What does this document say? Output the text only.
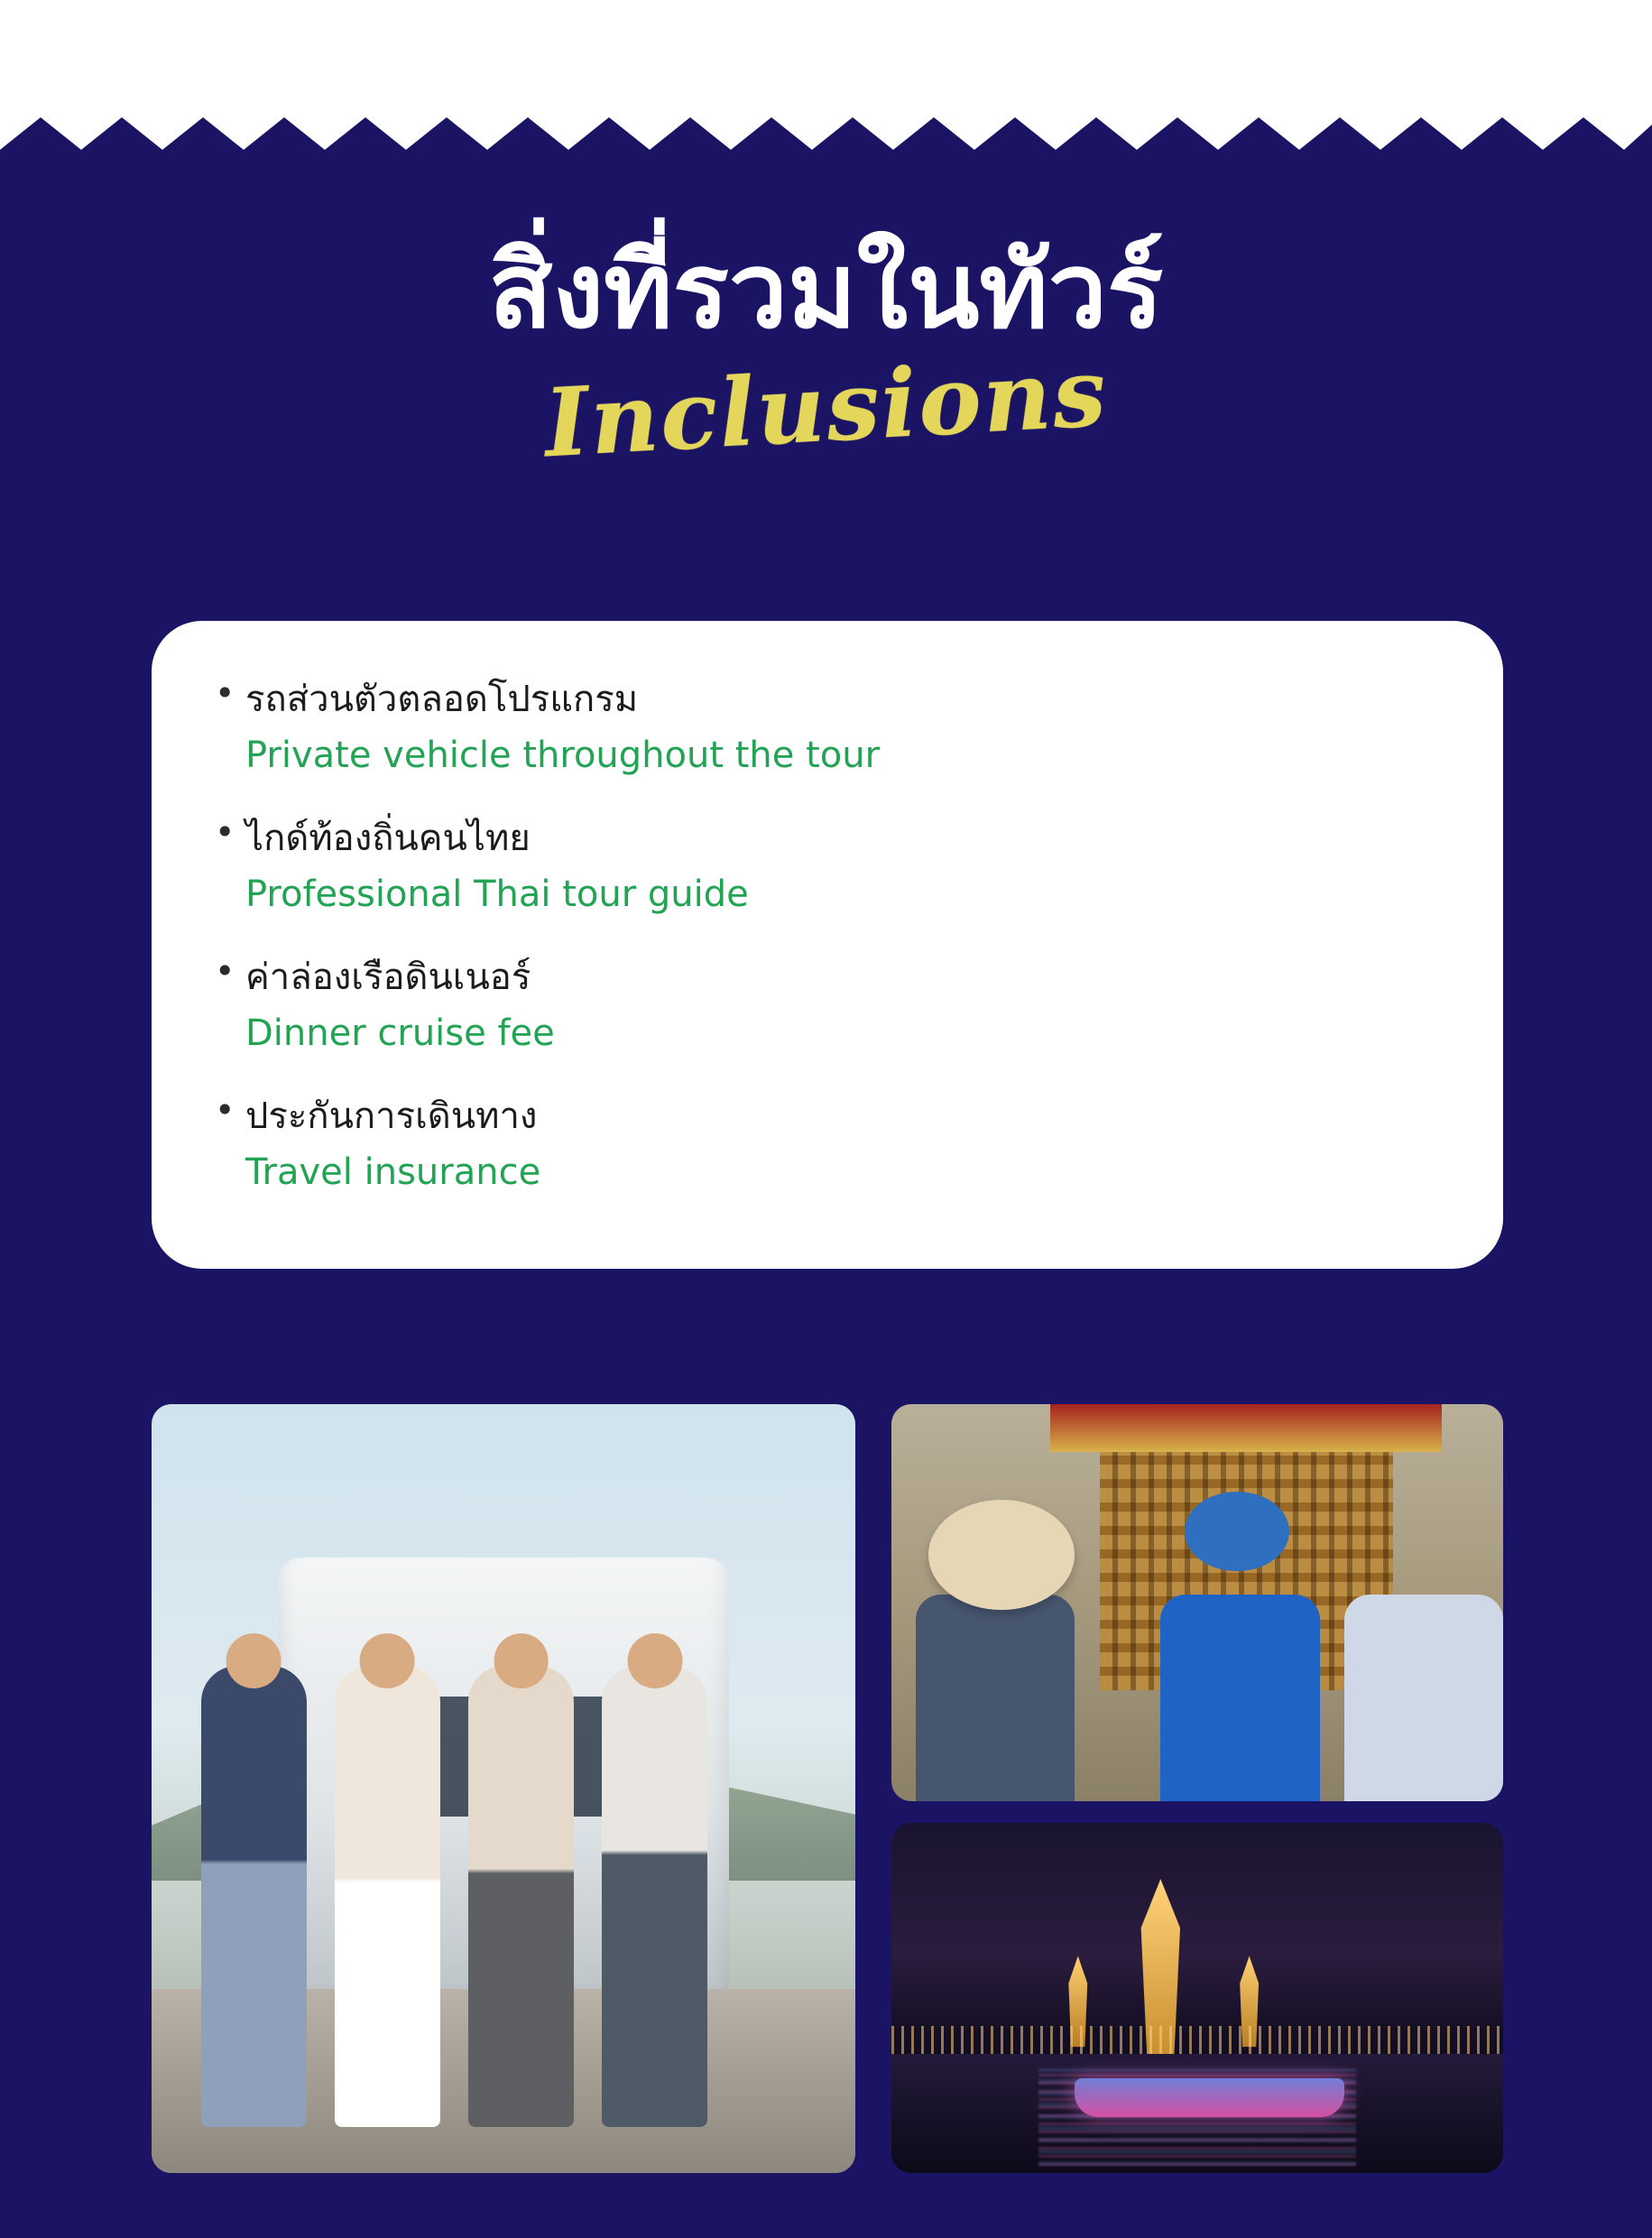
สิ่งที่รวมในทัวร์
Inclusions
•
รถส่วนตัวตลอดโปรแกรม
Private vehicle throughout the tour
•
ไกด์ท้องถิ่นคนไทย
Professional Thai tour guide
•
ค่าล่องเรือดินเนอร์
Dinner cruise fee
•
ประกันการเดินทาง
Travel insurance
